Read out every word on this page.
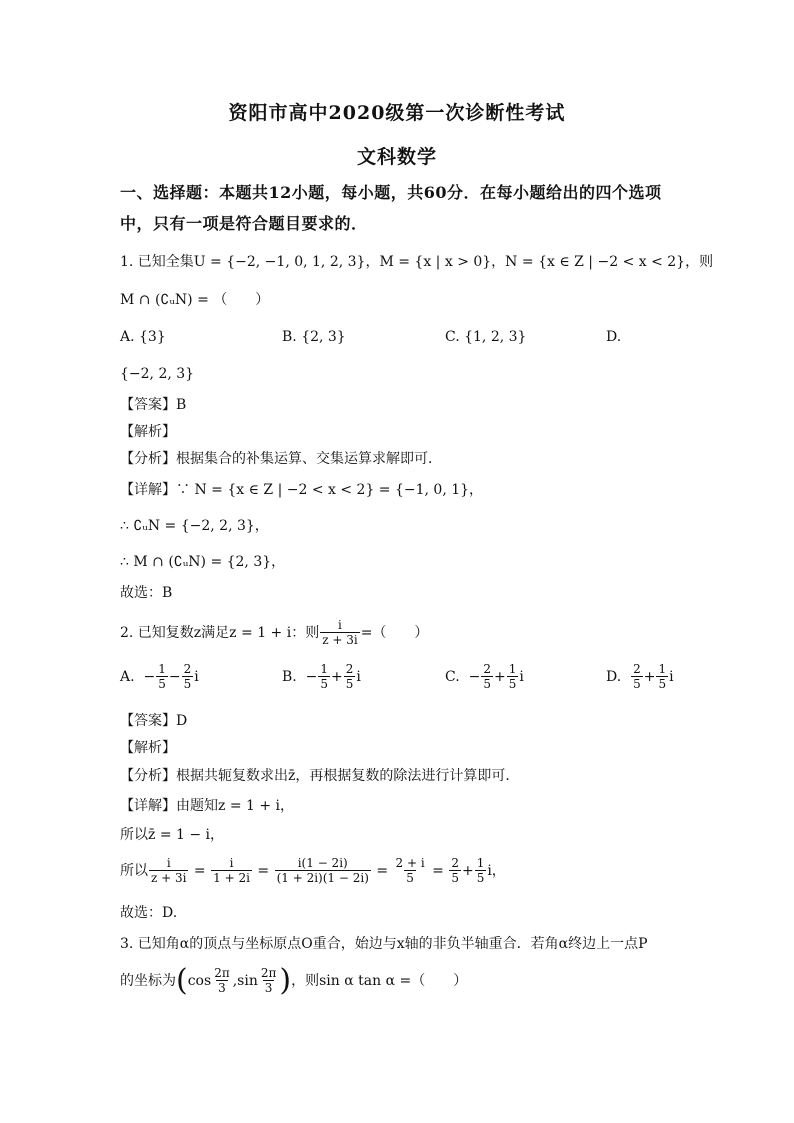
资阳市高中2020级第一次诊断性考试
文科数学
一、选择题：本题共12小题，每小题，共60分．在每小题给出的四个选项
中，只有一项是符合题目要求的．
1. 已知全集U = {−2, −1, 0, 1, 2, 3}，M = {x | x > 0}，N = {x ∈ Z | −2 < x < 2}，则
M ∩ (∁ᵤN) = （　　）
A. {3}	B. {2, 3}	C. {1, 2, 3}	D.
{−2, 2, 3}
【答案】B
【解析】
【分析】根据集合的补集运算、交集运算求解即可．
【详解】∵ N = {x ∈ Z | −2 < x < 2} = {−1, 0, 1}，
∴ ∁ᵤN = {−2, 2, 3}，
∴ M ∩ (∁ᵤN) = {2, 3}，
故选：B
2. 已知复数z满足z = 1 + i：则 $\frac{i}{z + 3i}$ =（　　）
A.
− $\frac{1}{5} - \frac{2}{5}$ i	B.
− $\frac{1}{5} + \frac{2}{5}$ i	C.
− $\frac{2}{5} + \frac{1}{5}$ i	D.
$\frac{2}{5} + \frac{1}{5}$ i
【答案】D
【解析】
【分析】根据共轭复数求出z̄，再根据复数的除法进行计算即可．
【详解】由题知z = 1 + i，
所以z̄ = 1 − i，
所以 $\frac{i}{z + 3i} = \frac{i}{1 + 2i} = \frac{i(1 - 2i)}{(1 + 2i)(1 - 2i)} = \frac{2 + i}{5} = \frac{2}{5} + \frac{1}{5}$ i，
故选：D.
3. 已知角α的顶点与坐标原点O重合，始边与x轴的非负半轴重合．若角α终边上一点P
的坐标为 ( $\cos \frac{2\pi}{3}$ , $\sin \frac{2\pi}{3}$ ) ，则sin α tan α =（　　）
